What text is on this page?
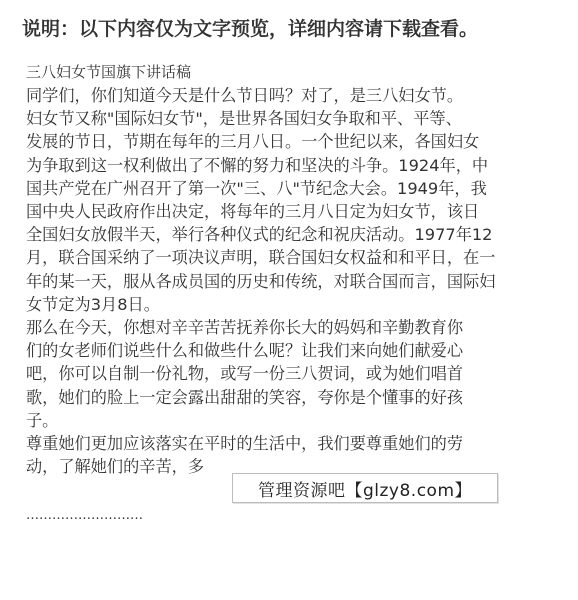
说明：以下内容仅为文字预览，详细内容请下载查看。
三八妇女节国旗下讲话稿
同学们，你们知道今天是什么节日吗？对了，是三八妇女节。
妇女节又称"国际妇女节"，是世界各国妇女争取和平、平等、
发展的节日，节期在每年的三月八日。一个世纪以来，各国妇女
为争取到这一权利做出了不懈的努力和坚决的斗争。1924年，中
国共产党在广州召开了第一次"三、八"节纪念大会。1949年，我
国中央人民政府作出决定，将每年的三月八日定为妇女节，该日
全国妇女放假半天，举行各种仪式的纪念和祝庆活动。1977年12
月，联合国采纳了一项决议声明，联合国妇女权益和和平日，在一
年的某一天，服从各成员国的历史和传统，对联合国而言，国际妇
女节定为3月8日。
那么在今天，你想对辛辛苦苦抚养你长大的妈妈和辛勤教育你
们的女老师们说些什么和做些什么呢？让我们来向她们献爱心
吧，你可以自制一份礼物，或写一份三八贺词，或为她们唱首
歌，她们的脸上一定会露出甜甜的笑容，夸你是个懂事的好孩
子。
尊重她们更加应该落实在平时的生活中，我们要尊重她们的劳
动，了解她们的辛苦，多
………………………
管理资源吧【glzy8.com】
